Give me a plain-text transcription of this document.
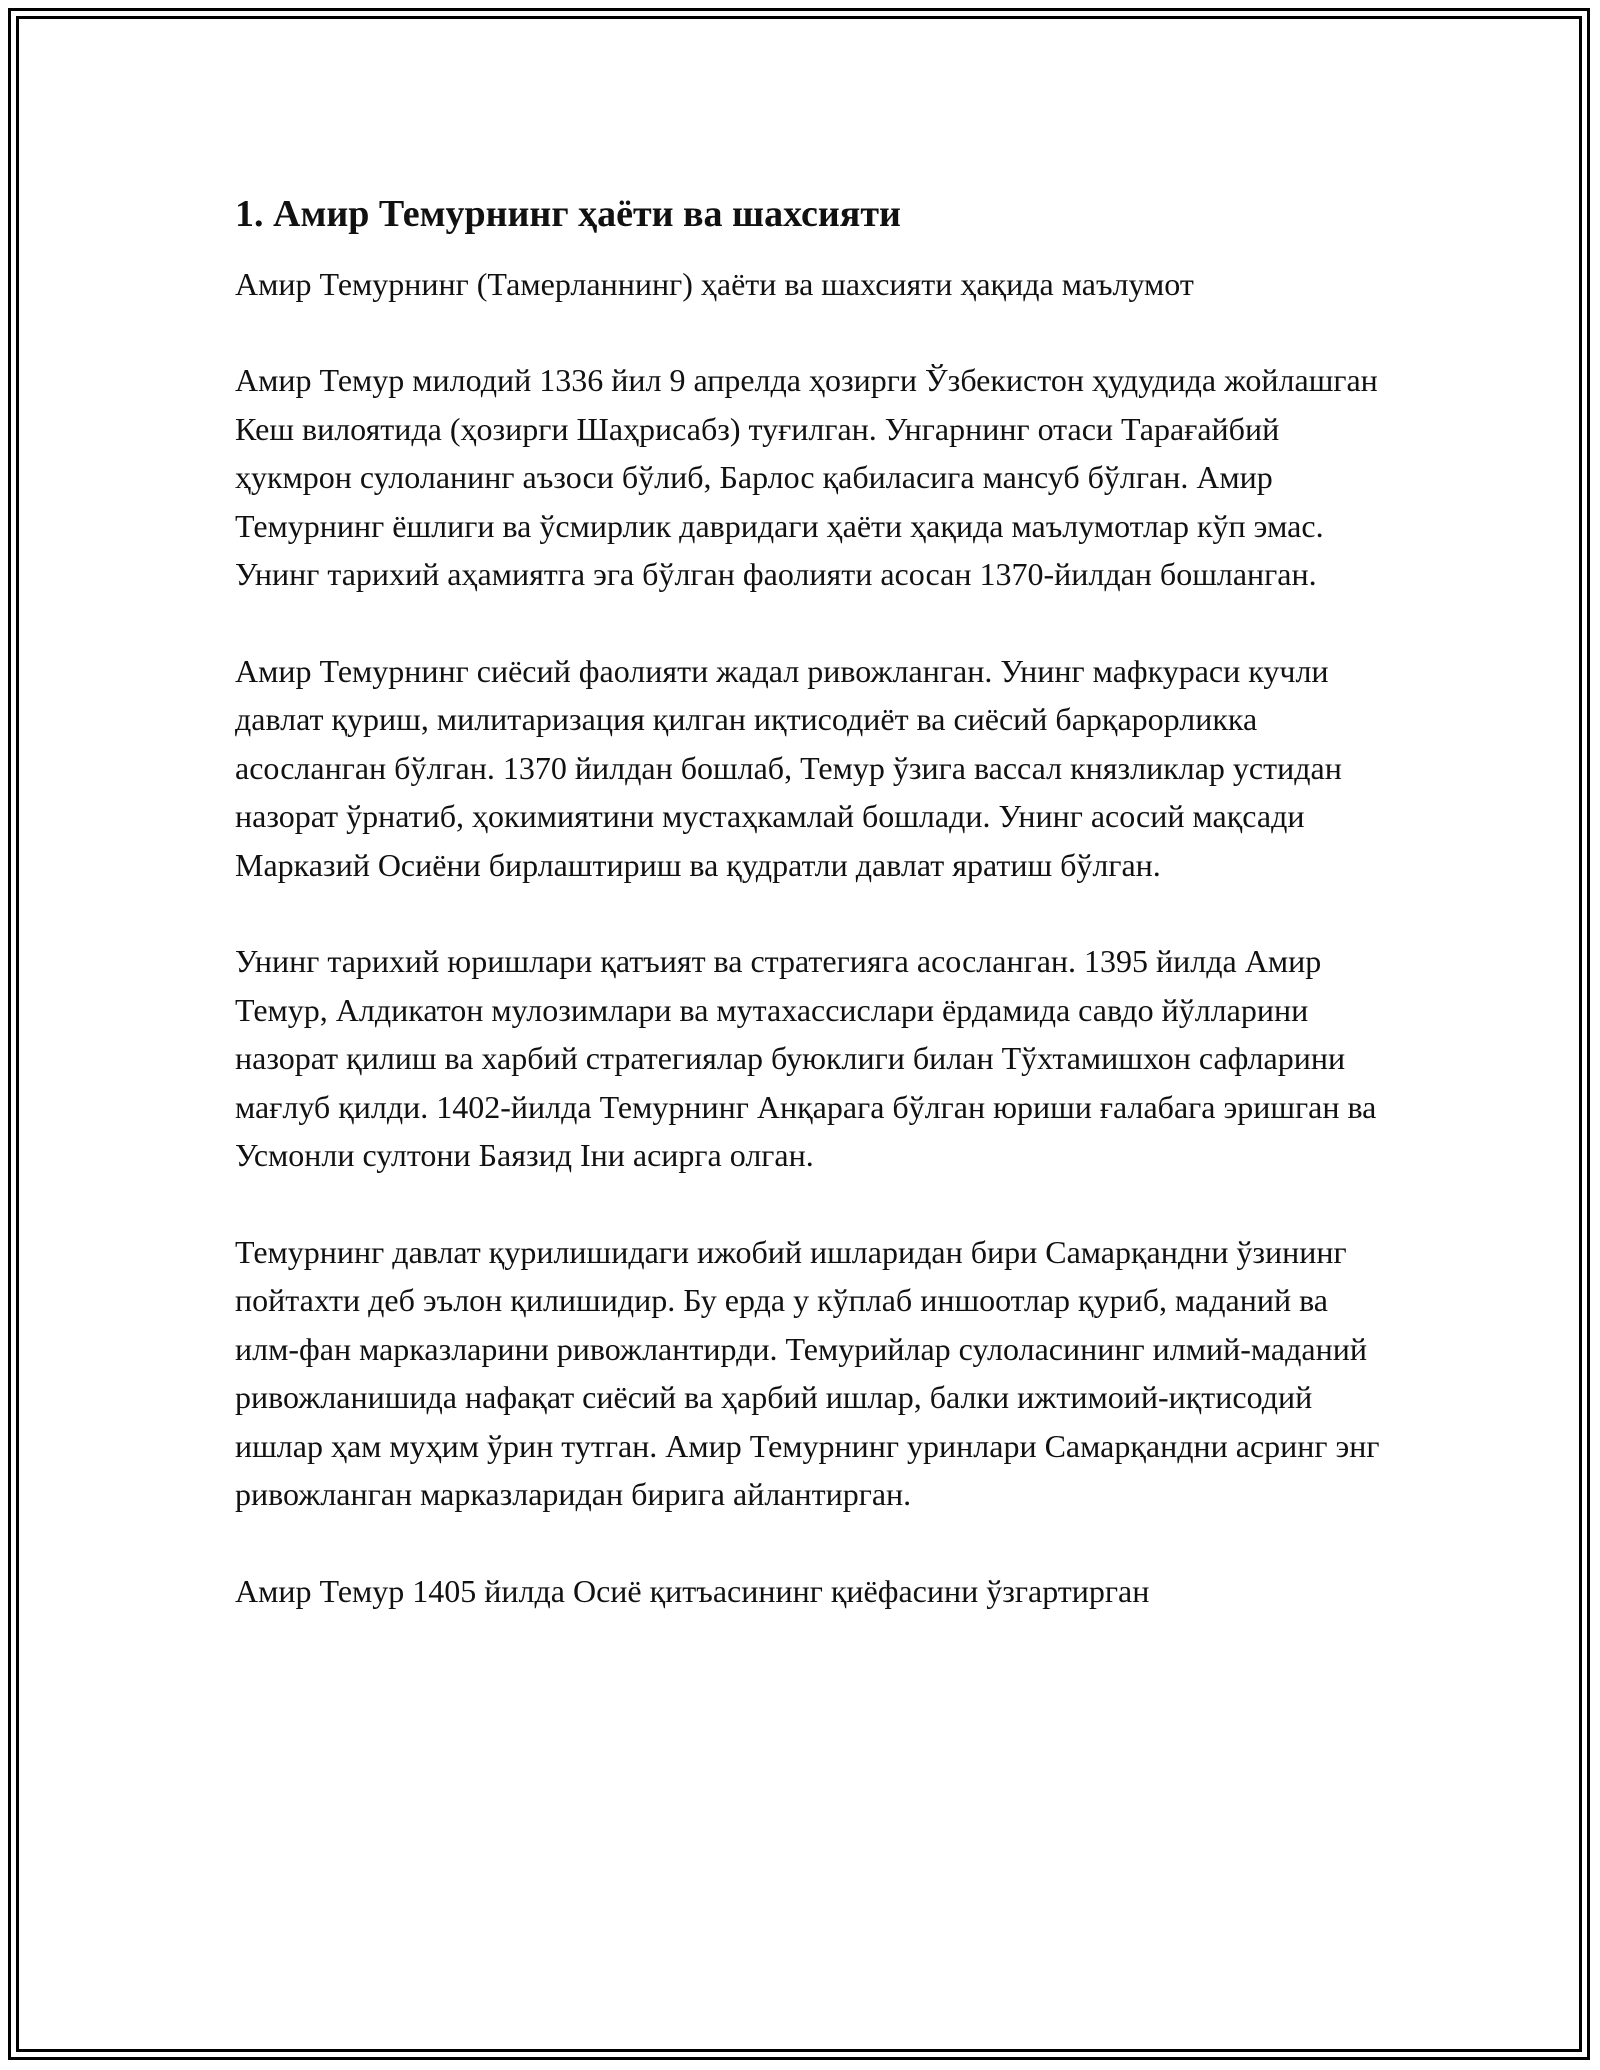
1. Амир Темурнинг ҳаёти ва шахсияти
Амир Темурнинг (Тамерланнинг) ҳаёти ва шахсияти ҳақида маълумот

Амир Темур милодий 1336 йил 9 апрелда ҳозирги Ўзбекистон ҳудудида жойлашган Кеш вилоятида (ҳозирги Шаҳрисабз) туғилган. Унгарнинг отаси Тарағайбий ҳукмрон сулоланинг аъзоси бўлиб, Барлос қабиласига мансуб бўлган. Амир Темурнинг ёшлиги ва ўсмирлик давридаги ҳаёти ҳақида маълумотлар кўп эмас. Унинг тарихий аҳамиятга эга бўлган фаолияти асосан 1370-йилдан бошланган.

Амир Темурнинг сиёсий фаолияти жадал ривожланган. Унинг мафкураси кучли давлат қуриш, милитаризация қилган иқтисодиёт ва сиёсий барқарорликка асосланган бўлган. 1370 йилдан бошлаб, Темур ўзига вассал князликлар устидан назорат ўрнатиб, ҳокимиятини мустаҳкамлай бошлади. Унинг асосий мақсади Марказий Осиёни бирлаштириш ва қудратли давлат яратиш бўлган.

Унинг тарихий юришлари қатъият ва стратегияга асосланган. 1395 йилда Амир Темур, Алдикатон мулозимлари ва мутахассислари ёрдамида савдо йўлларини назорат қилиш ва харбий стратегиялар буюклиги билан Тўхтамишхон сафларини мағлуб қилди. 1402-йилда Темурнинг Анқарага бўлган юриши ғалабага эришган ва Усмонли султони Баязид Іни асирга олган.

Темурнинг давлат қурилишидаги ижобий ишларидан бири Самарқандни ўзининг пойтахти деб эълон қилишидир. Бу ерда у кўплаб иншоотлар қуриб, маданий ва илм-фан марказларини ривожлантирди. Темурийлар сулоласининг илмий-маданий ривожланишида нафақат сиёсий ва ҳарбий ишлар, балки ижтимоий-иқтисодий ишлар ҳам муҳим ўрин тутган. Амир Темурнинг уринлари Самарқандни асринг энг ривожланган марказларидан бирига айлантирган.

Амир Темур 1405 йилда Осиё қитъасининг қиёфасини ўзгартирган
